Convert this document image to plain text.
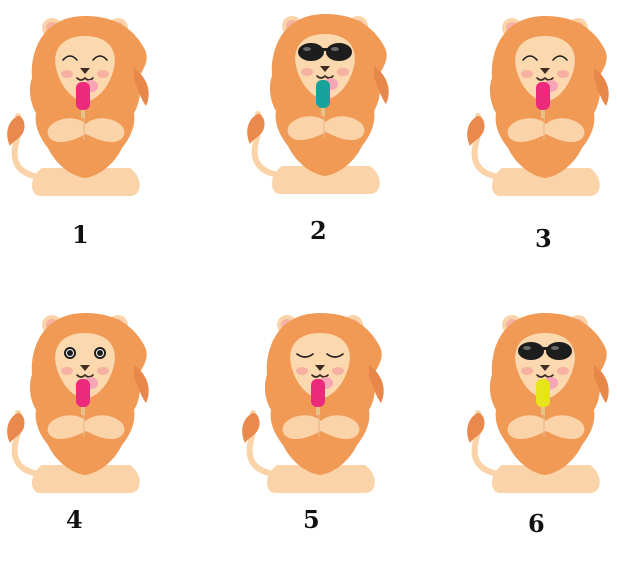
1	2	3
4	5	6
